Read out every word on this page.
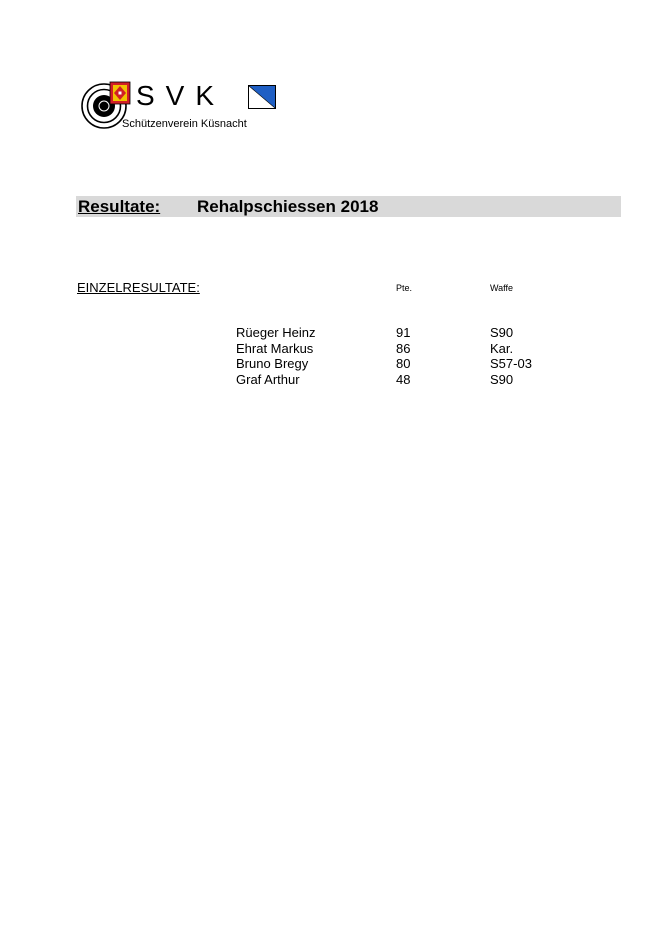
SVK
Schützenverein Küsnacht
Resultate: Rehalpschiessen 2018
EINZELRESULTATE:	Pte.	Waffe
Rüeger Heinz	91	S90
Ehrat Markus	86	Kar.
Bruno Bregy	80	S57-03
Graf Arthur	48	S90
